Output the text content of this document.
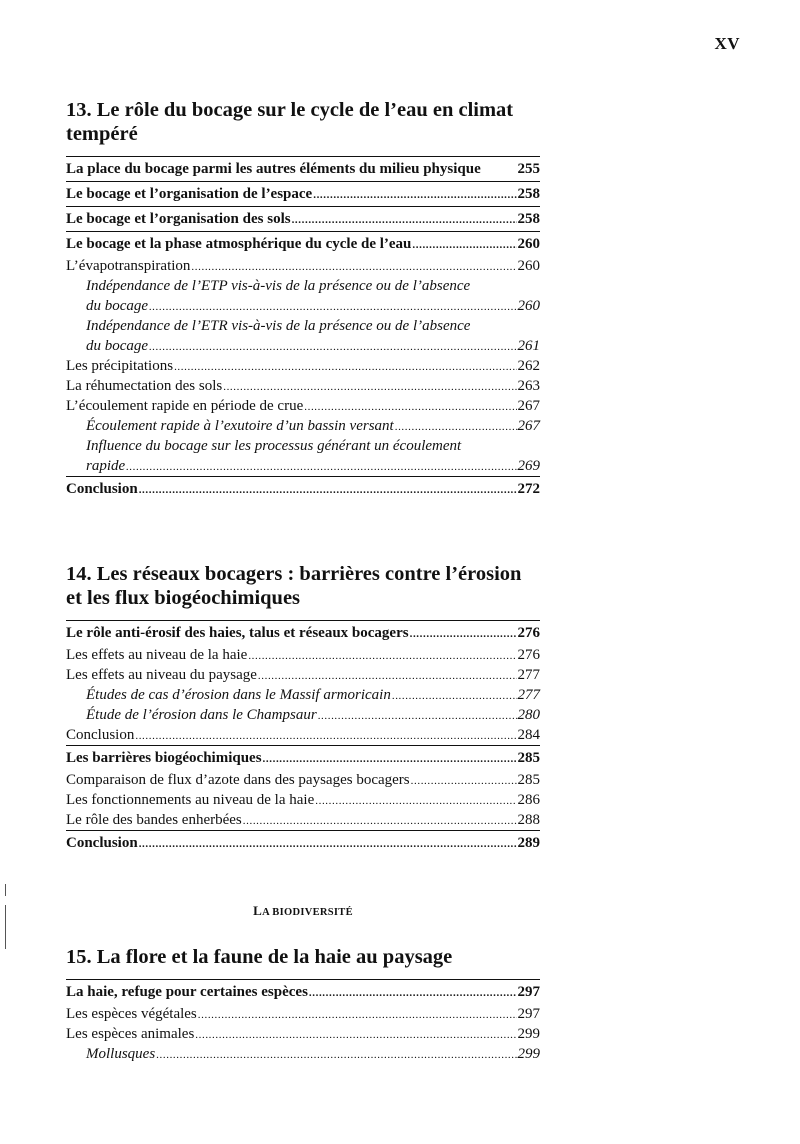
XV
13. Le rôle du bocage sur le cycle de l’eau en climat
tempéré
La place du bocage parmi les autres éléments du milieu physique 255
Le bocage et l’organisation de l’espace .....	258
Le bocage et l’organisation des sols .....	258
Le bocage et la phase atmosphérique du cycle de l’eau .....	260
L’évapotranspiration .....	260
Indépendance de l’ETP vis-à-vis de la présence ou de l’absence
du bocage .....	260
Indépendance de l’ETR vis-à-vis de la présence ou de l’absence
du bocage .....	261
Les précipitations .....	262
La réhumectation des sols .....	263
L’écoulement rapide en période de crue .....	267
Écoulement rapide à l’exutoire d’un bassin versant .....	267
Influence du bocage sur les processus générant un écoulement
rapide .....	269
Conclusion .....	272
14. Les réseaux bocagers : barrières contre l’érosion
et les flux biogéochimiques
Le rôle anti-érosif des haies, talus et réseaux bocagers .....	276
Les effets au niveau de la haie .....	276
Les effets au niveau du paysage .....	277
Études de cas d’érosion dans le Massif armoricain .....	277
Étude de l’érosion dans le Champsaur .....	280
Conclusion .....	284
Les barrières biogéochimiques .....	285
Comparaison de flux d’azote dans des paysages bocagers .....	285
Les fonctionnements au niveau de la haie .....	286
Le rôle des bandes enherbées .....	288
Conclusion .....	289
LA BIODIVERSITÉ
15. La flore et la faune de la haie au paysage
La haie, refuge pour certaines espèces .....	297
Les espèces végétales .....	297
Les espèces animales .....	299
Mollusques .....	299
